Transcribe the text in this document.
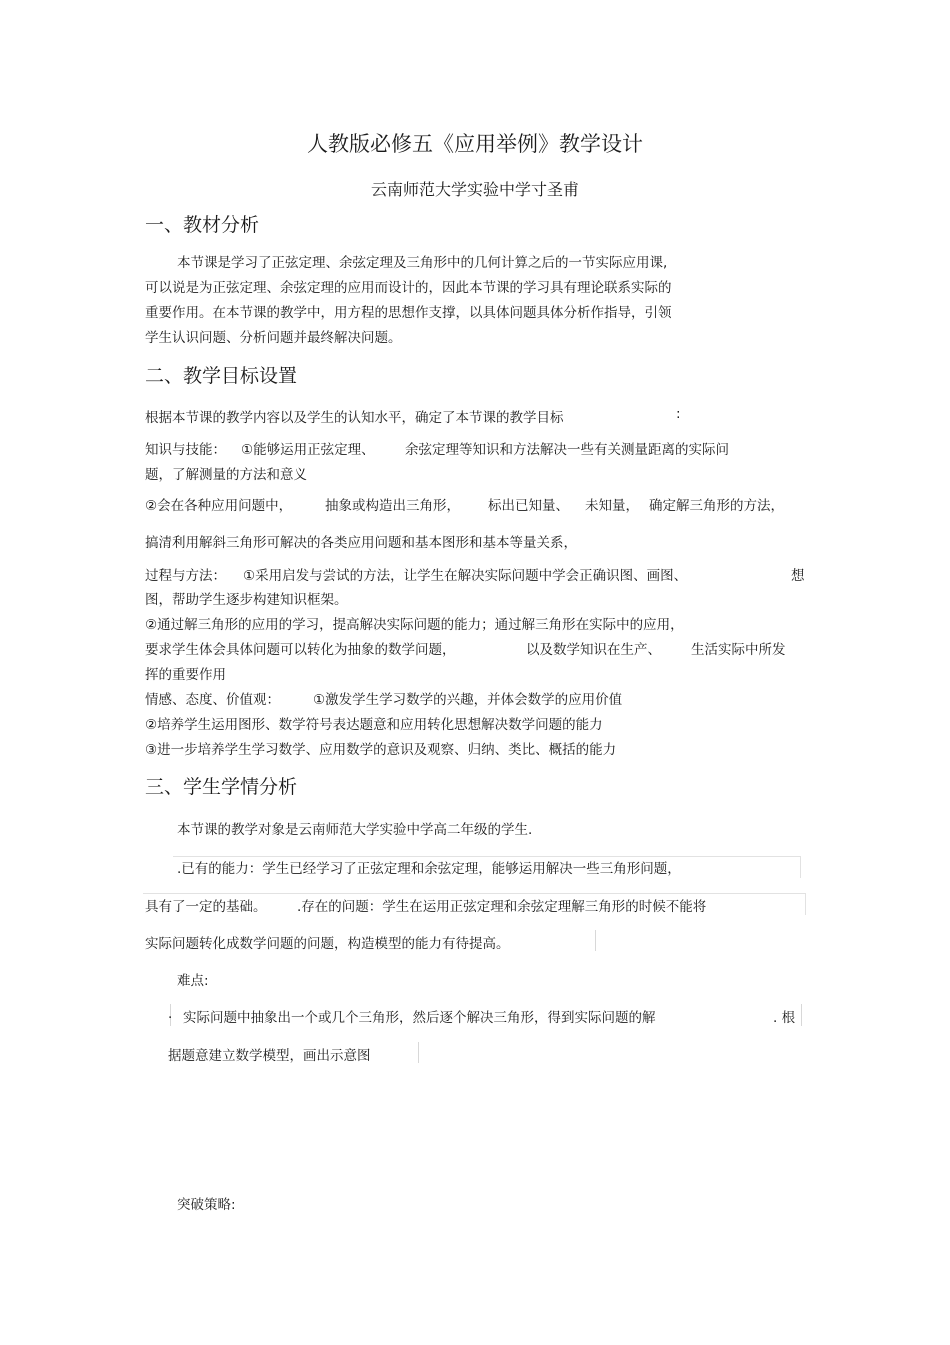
人教版必修五《应用举例》教学设计
云南师范大学实验中学寸圣甫
一、教材分析
本节课是学习了正弦定理、余弦定理及三角形中的几何计算之后的一节实际应用课,
可以说是为正弦定理、余弦定理的应用而设计的，因此本节课的学习具有理论联系实际的
重要作用。在本节课的教学中，用方程的思想作支撑，以具体问题具体分析作指导，引领
学生认识问题、分析问题并最终解决问题。
二、教学目标设置
根据本节课的教学内容以及学生的认知水平，确定了本节课的教学目标	:
知识与技能： ①能够运用正弦定理、 余弦定理等知识和方法解决一些有关测量距离的实际问
题，了解测量的方法和意义
②会在各种应用问题中， 抽象或构造出三角形， 标出已知量、 未知量， 确定解三角形的方法，
搞清利用解斜三角形可解决的各类应用问题和基本图形和基本等量关系，
过程与方法： ①采用启发与尝试的方法，让学生在解决实际问题中学会正确识图、画图、	想
图，帮助学生逐步构建知识框架。
②通过解三角形的应用的学习，提高解决实际问题的能力；通过解三角形在实际中的应用，
要求学生体会具体问题可以转化为抽象的数学问题，	以及数学知识在生产、 生活实际中所发
挥的重要作用
情感、态度、价值观： ①激发学生学习数学的兴趣，并体会数学的应用价值
②培养学生运用图形、数学符号表达题意和应用转化思想解决数学问题的能力
③进一步培养学生学习数学、应用数学的意识及观察、归纳、类比、概括的能力
三、学生学情分析
本节课的教学对象是云南师范大学实验中学高二年级的学生.
.已有的能力：学生已经学习了正弦定理和余弦定理，能够运用解决一些三角形问题，
具有了一定的基础。 .存在的问题：学生在运用正弦定理和余弦定理解三角形的时候不能将
实际问题转化成数学问题的问题，构造模型的能力有待提高。
难点:
. 实际问题中抽象出一个或几个三角形，然后逐个解决三角形，得到实际问题的解	. 根
据题意建立数学模型，画出示意图
突破策略:
